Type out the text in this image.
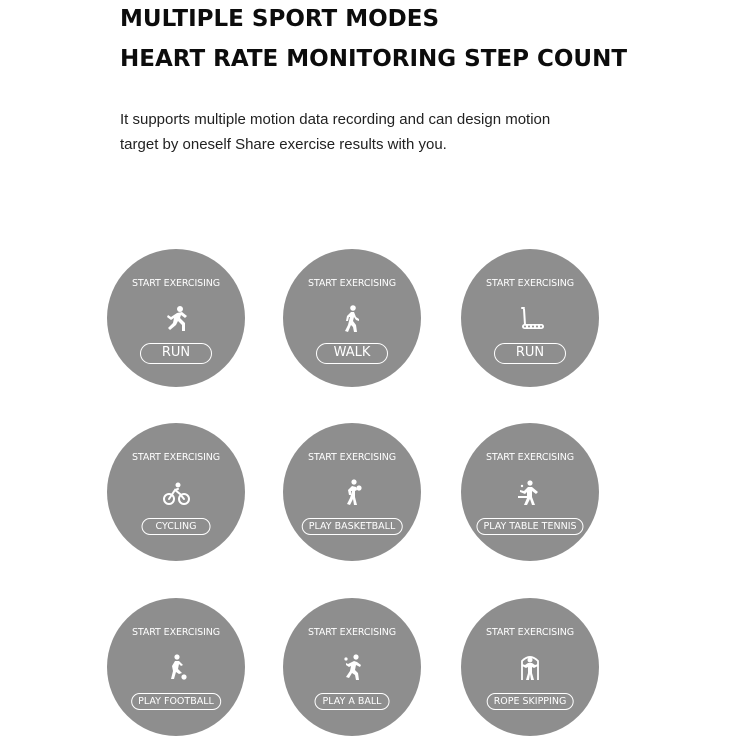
MULTIPLE SPORT MODES
HEART RATE MONITORING STEP COUNT

It supports multiple motion data recording and can design motion target by oneself Share exercise results with you.

START EXERCISING
RUN
START EXERCISING
WALK
START EXERCISING
RUN
START EXERCISING
CYCLING
START EXERCISING
PLAY BASKETBALL
START EXERCISING
PLAY TABLE TENNIS
START EXERCISING
PLAY FOOTBALL
START EXERCISING
PLAY A BALL
START EXERCISING
ROPE SKIPPING
